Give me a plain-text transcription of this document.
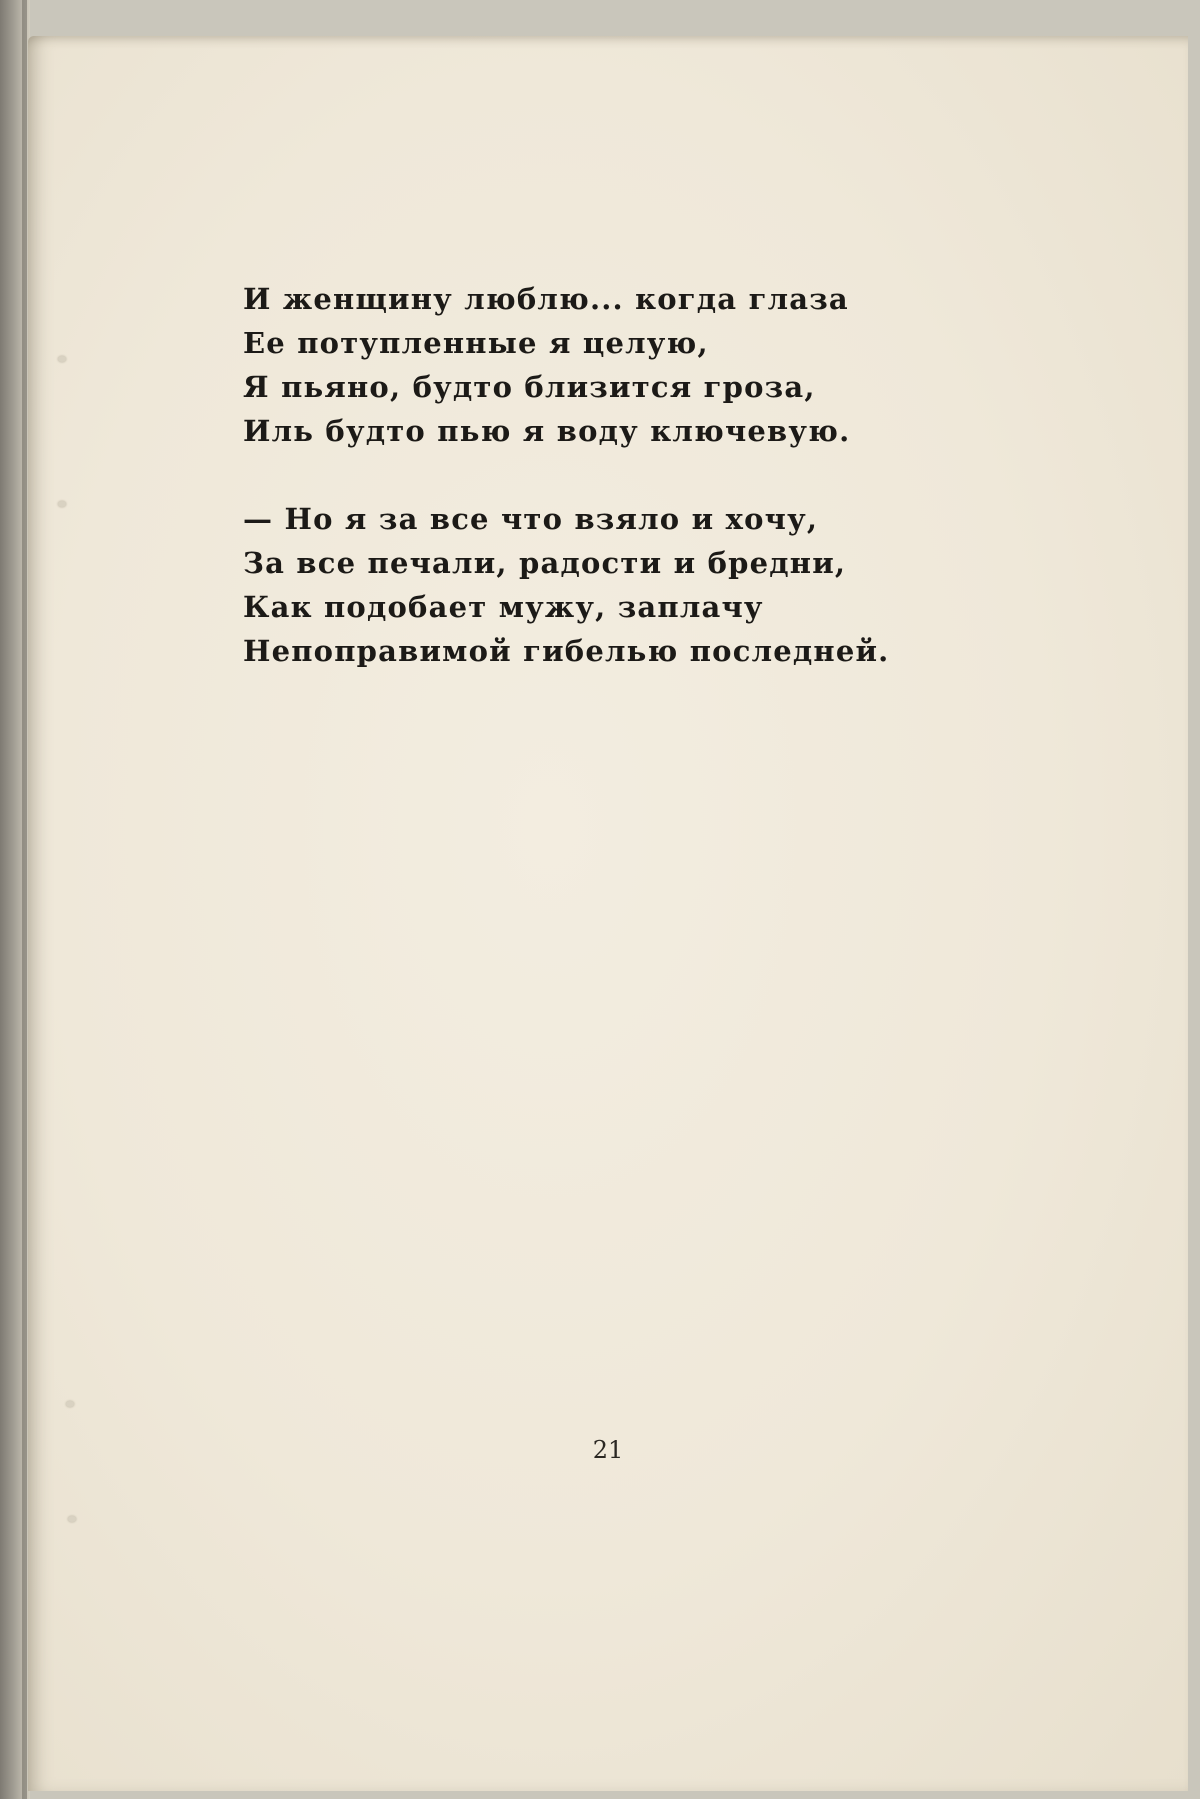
И женщину люблю... когда глаза
Ее потупленные я целую,
Я пьяно, будто близится гроза,
Иль будто пью я воду ключевую.
— Но я за все что взяло и хочу,
За все печали, радости и бредни,
Как подобает мужу, заплачу
Непоправимой гибелью последней.
21
